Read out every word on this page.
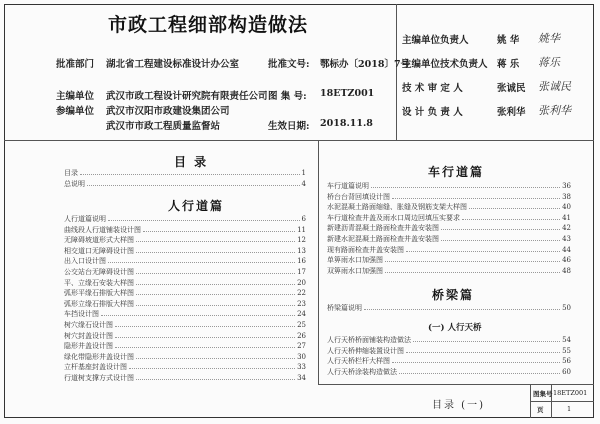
市政工程细部构造做法
批准部门 湖北省工程建设标准设计办公室	批准文号: 鄂标办〔2018〕7号
主编单位 武汉市政工程设计研究院有限责任公司
参编单位 武汉市汉阳市政建设集团公司
武汉市市政工程质量监督站
图 集 号: 18ETZ001
生效日期: 2018.11.8
主编单位负责人	姚 华 姚华
主编单位技术负责人 蒋 乐 蒋乐
技 术 审 定 人	张诚民 张诚民
设 计 负 责 人	张利华 张利华
目 录
目录	1
总说明	4
人行道篇
人行道篇说明	6
曲线段人行道铺装设计图	11
无障碍坡道形式大样图	12
相交道口无障碍设计图	13
出入口设计图	16
公交站台无障碍设计图	17
平、立缘石安装大样图	20
弧形平缘石排版大样图	22
弧形立缘石排版大样图	23
车挡设计图	24
树穴缘石设计图	25
树穴封盖设计图	26
隐形井盖设计图	27
绿化带隐形井盖设计图	30
立杆基座封盖设计图	33
行道树支撑方式设计图	34
车行道篇
车行道篇说明	36
桥台台背回填设计图	38
水泥混凝土路面缩缝、胀缝及钢筋支架大样图	40
车行道检查井盖及雨水口周边回填压实要求	41
新建沥青混凝土路面检查井盖安装图	42
新建水泥混凝土路面检查井盖安装图	43
现有路面检查井盖安装图	44
单箅雨水口加强图	46
双箅雨水口加强图	48
桥梁篇
桥梁篇说明	50
(一) 人行天桥
人行天桥桥面铺装构造做法	54
人行天桥伸缩装置设计图	55
人行天桥栏杆大样图	56
人行天桥涂装构造做法	60
目录 (一)
图集号 18ETZ001
页	1
